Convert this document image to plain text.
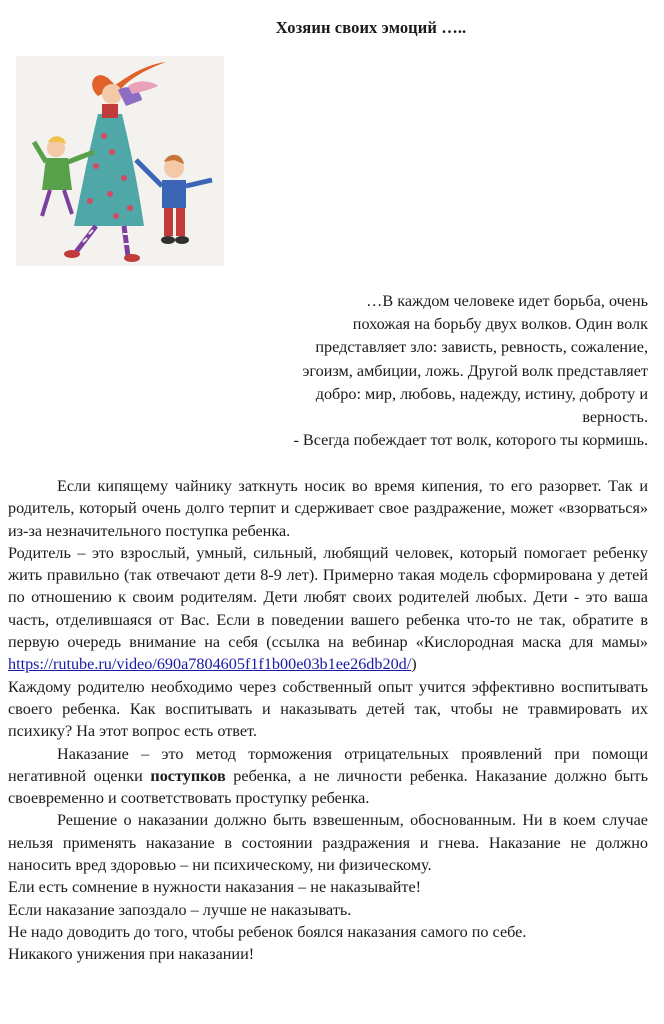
Хозяин своих эмоций …..
…В каждом человеке идет борьба, очень
похожая на борьбу двух волков. Один волк
представляет зло: зависть, ревность, сожаление,
эгоизм, амбиции, ложь. Другой волк представляет
добро: мир, любовь, надежду, истину, доброту и
верность.
- Всегда побеждает тот волк, которого ты кормишь.

Если кипящему чайнику заткнуть носик во время кипения, то его разорвет. Так и родитель, который очень долго терпит и сдерживает свое раздражение, может «взорваться» из-за незначительного поступка ребенка.

Родитель – это взрослый, умный, сильный, любящий человек, который помогает ребенку жить правильно (так отвечают дети 8-9 лет). Примерно такая модель сформирована у детей по отношению к своим родителям. Дети любят своих родителей любых. Дети - это ваша часть, отделившаяся от Вас. Если в поведении вашего ребенка что-то не так, обратите в первую очередь внимание на себя (ссылка на вебинар «Кислородная маска для мамы» https://rutube.ru/video/690a7804605f1f1b00e03b1ee26db20d/)

Каждому родителю необходимо через собственный опыт учится эффективно воспитывать своего ребенка. Как воспитывать и наказывать детей так, чтобы не травмировать их психику? На этот вопрос есть ответ.

Наказание – это метод торможения отрицательных проявлений при помощи негативной оценки поступков ребенка, а не личности ребенка. Наказание должно быть своевременно и соответствовать проступку ребенка.

Решение о наказании должно быть взвешенным, обоснованным. Ни в коем случае нельзя применять наказание в состоянии раздражения и гнева. Наказание не должно наносить вред здоровью – ни психическому, ни физическому.

Ели есть сомнение в нужности наказания – не наказывайте!

Если наказание запоздало – лучше не наказывать.

Не надо доводить до того, чтобы ребенок боялся наказания самого по себе.

Никакого унижения при наказании!
